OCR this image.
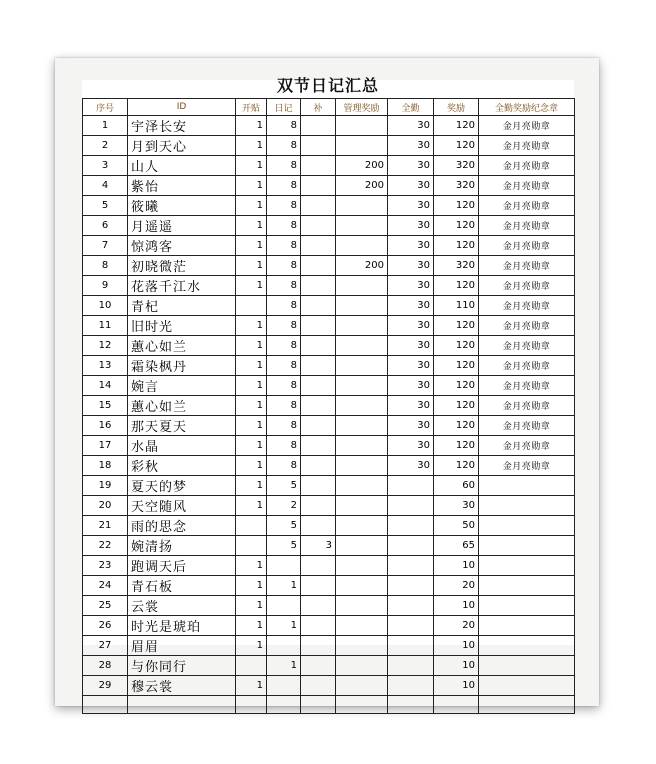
双节日记汇总
序号	ID	开贴	日记	补	管理奖励	全勤	奖励	全勤奖励纪念章
1	宇泽长安	1	8			30	120	金月亮勋章
2	月到天心	1	8			30	120	金月亮勋章
3	山人	1	8		200	30	320	金月亮勋章
4	紫怡	1	8		200	30	320	金月亮勋章
5	筱曦	1	8			30	120	金月亮勋章
6	月遥遥	1	8			30	120	金月亮勋章
7	惊鸿客	1	8			30	120	金月亮勋章
8	初晓微茫	1	8		200	30	320	金月亮勋章
9	花落千江水	1	8			30	120	金月亮勋章
10	青杞		8			30	110	金月亮勋章
11	旧时光	1	8			30	120	金月亮勋章
12	蕙心如兰	1	8			30	120	金月亮勋章
13	霜染枫丹	1	8			30	120	金月亮勋章
14	婉言	1	8			30	120	金月亮勋章
15	蕙心如兰	1	8			30	120	金月亮勋章
16	那天夏天	1	8			30	120	金月亮勋章
17	水晶	1	8			30	120	金月亮勋章
18	彩秋	1	8			30	120	金月亮勋章
19	夏天的梦	1	5				60	
20	天空随风	1	2				30	
21	雨的思念		5				50	
22	婉清扬		5	3			65	
23	跑调天后	1					10	
24	青石板	1	1				20	
25	云裳	1					10	
26	时光是琥珀	1	1				20	
27	眉眉	1					10	
28	与你同行		1				10	
29	穆云裳	1					10	
